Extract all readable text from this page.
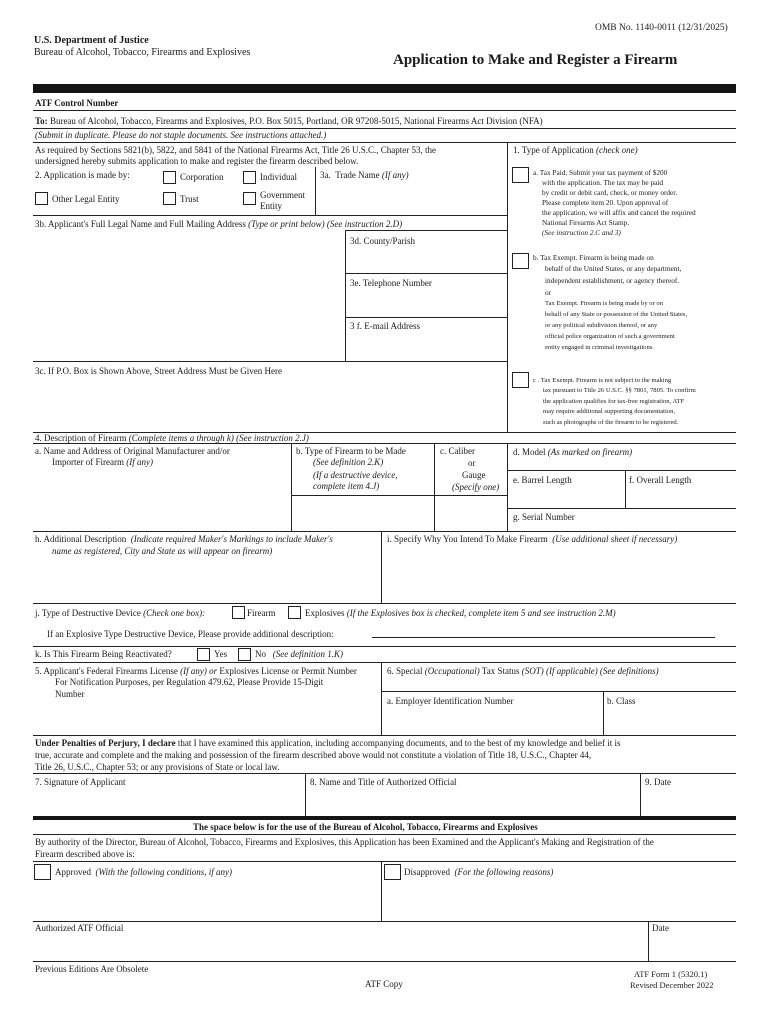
OMB No. 1140-0011 (12/31/2025)
U.S. Department of Justice
Bureau of Alcohol, Tobacco, Firearms and Explosives	Application to Make and Register a Firearm
ATF Control Number
To: Bureau of Alcohol, Tobacco, Firearms and Explosives, P.O. Box 5015, Portland, OR 97208-5015, National Firearms Act Division (NFA)
(Submit in duplicate. Please do not staple documents. See instructions attached.)
As required by Sections 5821(b), 5822, and 5841 of the National Firearms Act, Title 26 U.S.C., Chapter 53, the
undersigned hereby submits application to make and register the firearm described below.
2. Application is made by:	Corporation	Individual
Other Legal Entity	Trust	Government
Entity
3a. Trade Name (If any)
3b. Applicant's Full Legal Name and Full Mailing Address (Type or print below) (See instruction 2.D)
3d. County/Parish
3e. Telephone Number
3 f. E-mail Address
3c. If P.O. Box is Shown Above, Street Address Must be Given Here
1. Type of Application (check one)
a. Tax Paid. Submit your tax payment of $200
with the application. The tax may be paid
by credit or debit card, check, or money order.
Please complete item 20. Upon approval of
the application, we will affix and cancel the required
National Firearms Act Stamp.
(See instruction 2.C and 3)
b. Tax Exempt. Firearm is being made on
behalf of the United States, or any department,
independent establishment, or agency thereof.
or
Tax Exempt. Firearm is being made by or on
behalf of any State or possession of the United States,
or any political subdivision thereof, or any
official police organization of such a government
entity engaged in criminal investigations.
c . Tax Exempt. Firearm is not subject to the making
tax pursuant to Title 26 U.S.C. §§ 7801, 7805. To confirm
the application qualifies for tax-free registration, ATF
may require additional supporting documentation,
such as photographs of the firearm to be registered.
4. Description of Firearm (Complete items a through k) (See instruction 2.J)
a. Name and Address of Original Manufacturer and/or
Importer of Firearm (If any)
b. Type of Firearm to be Made
(See definition 2.K)
(If a destructive device,
complete item 4.J)
c. Caliber
or
Gauge
(Specify one)
d. Model (As marked on firearm)
e. Barrel Length	f. Overall Length
g. Serial Number
h. Additional Description (Indicate required Maker's Markings to include Maker's
name as registered, City and State as will appear on firearm)
i. Specify Why You Intend To Make Firearm (Use additional sheet if necessary)
j. Type of Destructive Device (Check one box):	Firearm	Explosives (If the Explosives box is checked, complete item 5 and see instruction 2.M)
If an Explosive Type Destructive Device, Please provide additional description:
k. Is This Firearm Being Reactivated?	Yes	No (See definition 1.K)
5. Applicant's Federal Firearms License (If any) or Explosives License or Permit Number
For Notification Purposes, per Regulation 479.62, Please Provide 15-Digit
Number
6. Special (Occupational) Tax Status (SOT) (If applicable) (See definitions)
a. Employer Identification Number	b. Class
Under Penalties of Perjury, I declare that I have examined this application, including accompanying documents, and to the best of my knowledge and belief it is
true, accurate and complete and the making and possession of the firearm described above would not constitute a violation of Title 18, U.S.C., Chapter 44,
Title 26, U.S.C., Chapter 53; or any provisions of State or local law.
7. Signature of Applicant	8. Name and Title of Authorized Official	9. Date
The space below is for the use of the Bureau of Alcohol, Tobacco, Firearms and Explosives
By authority of the Director, Bureau of Alcohol, Tobacco, Firearms and Explosives, this Application has been Examined and the Applicant's Making and Registration of the
Firearm described above is:
Approved (With the following conditions, if any)	Disapproved (For the following reasons)
Authorized ATF Official	Date
Previous Editions Are Obsolete
ATF Copy
ATF Form 1 (5320.1)
Revised December 2022
